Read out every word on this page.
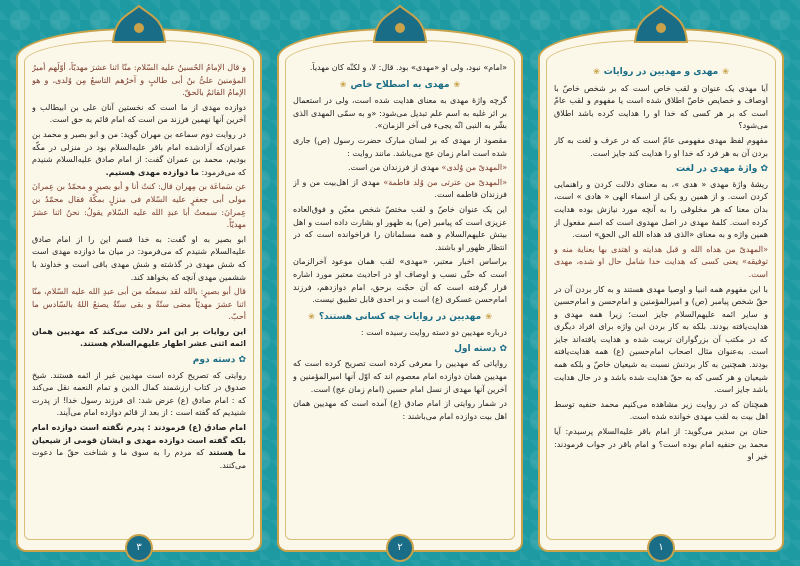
و قال الإمامُ الحُسینُ علیه السّلام: منّا اثنا عشرَ مهدیّاً، أوّلُهم أمیرُ المؤمنینَ علیُّ بنُ أبی طالبٍ و آخرُهم التاسعُ مِن وُلدی، و هو الإمامُ القائمُ بالحقّ.

دوازده مهدی از ما است که نخستین آنان علی بن ابیطالب و آخرین آنها نهمین فرزند من است که امام قائم به حق است.

در روایت دوم سماعه بن مهران گوید: من و ابو بصیر و محمد بن عمران‌که آزادشده امام باقر علیه‌السلام بود در منزلی در مکّه بودیم، محمد بن عمران گفت: از امام صادق علیه‌السلام شنیدم که می‌فرمود: ما دوازده مهدی هستیم.

عن سَماعَة بن مِهران قال: کنتُ أنا و أبو بصیرٍ و محمّدُ بن عِمرانَ مولی أبی جعفرٍ علیه السّلام فی منزلٍ بمکّةَ فقال محمّدُ بن عِمرانَ: سمعتُ أبا عبدِ الله علیه السّلام یقولُ: نحنُ اثنا عشرَ مهدیّاً.

ابو بصیر به او گفت: به خدا قسم این را از امام صادق علیه‌السلام شنیدم که می‌فرمود: در میان ما دوازده مهدی است که شش مهدی در گذشته و شش مهدی باقی است و خداوند با ششمین مهدی آنچه که بخواهد کند.

قال أبو بصیرٍ: بالله لقد سمعتُه من أبی عبدِ الله علیه السّلام، منّا اثنا عشرَ مهدیّاً مضی ستّةٌ و بقی ستّةٌ یصنعُ اللهُ بالسّادس ما أحبّ.

این روایات بر این امر دلالت می‌کند که مهدیین همان ائمه اثنی عشر اطهار علیهم‌السلام هستند.

✿ دسته دوم

روایتی که تصریح کرده است مهدیین غیر از ائمه هستند. شیخ صدوق در کتاب ارزشمند کمال الدین و تمام النعمه نقل می‌کند که : امام صادق (ع) عرض شد: ای فرزند رسول خدا! از پدرت شنیدیم که گفته است : از بعد از قائم دوازده امام می‌آیند.

امام صادق (ع) فرمودند : پدرم نگفته است دوازده امام بلکه گفته است دوازده مهدی و ایشان قومی از شیعیان ما هستند که مردم را به سوی ما و شناخت حقّ ما دعوت می‌کنند.

۳

«امام» نبود، ولی او «مهدی» بود. قال: لا، و لکنّه کان مهدیاً.

❀
مهدی به اصطلاح خاص
❀

گرچه واژۀ مهدی به معنای هدایت شده است، ولی در استعمال بر اثر غلبه به اسم علم تبدیل می‌شود: «و به سمّی المهدی الذی بشّر به النبی انّه یجیء فی آخر الزمان».

مقصود از مهدی که بر لسان مبارک حضرت رسول (ص) جاری شده است امام زمان عج می‌باشد. مانند روایت :

«المهدیّ من وُلدی» مهدی از فرزندان من است.

«المهدیّ من عترتی من وُلد فاطمة» مهدی از اهل‌بیت من و از فرزندان فاطمه است.

این یک عنوان خاصّ و لقب مختصّ شخص معیّن و فوق‌العاده عزیزی است که پیامبر (ص) به ظهور او بشارت داده است و اهل بیتش علیهم‌السلام و همه مسلمانان را فراخوانده است که در انتظار ظهور او باشند.

براساس اخبار معتبر، «مهدی» لقب همان موعود آخرالزمان است که حتّی نسب و اوصاف او در احادیث معتبر مورد اشاره قرار گرفته است که آن حجّت برحق، امام دوازدهم، فرزند امام‌حسن عسکری (ع) است و بر احدی قابل تطبیق نیست.

❀
مهدیین در روایات چه کسانی هستند؟
❀

درباره مهدیین دو دسته روایت رسیده است :

✿ دسته اول

روایاتی که مهدیین را معرفی کرده است تصریح کرده است که مهدیین همان دوازده امام معصوم اند که اوّل آنها امیرالمؤمنین و آخرین آنها مهدی از نسل امام حسین (امام زمان عج) است.

در شمار روایتی از امام صادق (ع) آمده است که مهدیین همان اهل بیت دوازده امام می‌باشند :

۲
❀
مهدی و مهدیین در روایات
❀

آیا مهدی یک عنوان و لقب خاص است که بر شخص خاصّ با اوصاف و خصایص خاصّ اطلاق شده است یا مفهوم و لقب عامّ است که بر هر کسی که خدا او را هدایت کرده باشد اطلاق می‌شود؟

مفهوم لفظ مهدی مفهومی عامّ است که در عرف و لغت به کار بردن آن به هر فرد که خدا او را هدایت کند جایز است.

✿ واژۀ مهدی در لغت

ریشۀ واژۀ مهدی « هدی »، به معنای دلالت کردن و راهنمایی کردن است. و از همین رو یکی از اسماء الهی « هادی » است، بدان معنا که هر مخلوقی را به آنچه مورد نیازش بوده هدایت کرده است. کلمۀ مهدی در اصل مهدوی است که اسم مفعول از همین واژه و به معنای «الذی قد هداه الله الی الحق» است.

«المهدیّ من هداه الله و قبل هدایته و اهتدی بها بعنایة منه و توفیقه» یعنی کسی که هدایت خدا شامل حال او شده، مهدی است.

با این مفهوم همه انبیا و اوصیا مهدی هستند و به کار بردن آن در حقّ شخص پیامبر (ص) و امیرالمؤمنین و امام‌حسن و امام‌حسین و سایر ائمه علیهم‌السلام جایز است؛ زیرا همه مهدی و هدایت‌یافته بودند. بلکه به کار بردن این واژه برای افراد دیگری که در مکتب آن بزرگواران تربیت شده و هدایت یافته‌اند جایز است. به‌عنوان مثال اصحاب امام‌حسین (ع) همه هدایت‌یافته بودند. همچنین به کار بردنش نسبت به شیعیان خاصّ و بلکه همه شیعیان و هر کسی که به حقّ هدایت شده باشد و در حال هدایت باشد جایز است.

همچنان که در روایت زیر مشاهده می‌کنیم محمد حنفیه توسط اهل بیت به لقب مهدی خوانده شده است.

حنان بن سدیر می‌گوید: از امام باقر علیه‌السلام پرسیدم: آیا محمد بن حنفیه امام بوده است؟ و امام باقر در جواب فرمودند: خیر او

۱
